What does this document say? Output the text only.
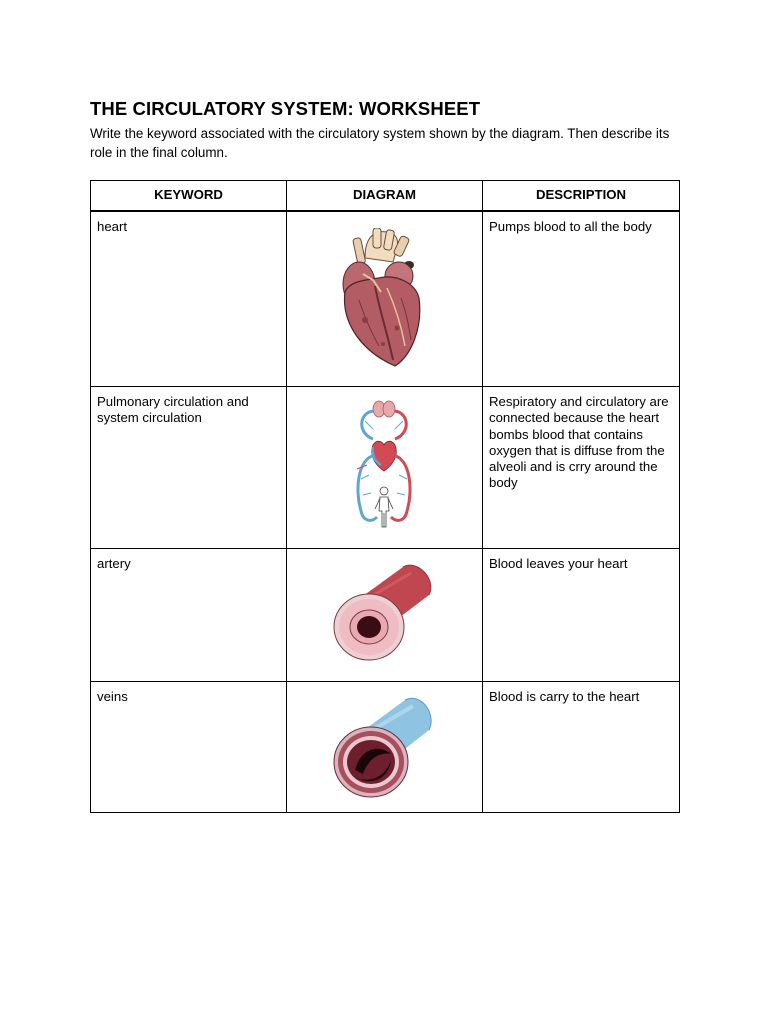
THE CIRCULATORY SYSTEM: WORKSHEET

Write the keyword associated with the circulatory system shown by the diagram. Then describe its role in the final column.

KEYWORD	DIAGRAM	DESCRIPTION

heart		Pumps blood to all the body

Pulmonary circulation and system circulation		Respiratory and circulatory are connected because the heart bombs blood that contains oxygen that is diffuse from the alveoli and is crry around the body

artery		Blood leaves your heart

veins		Blood is carry to the heart
